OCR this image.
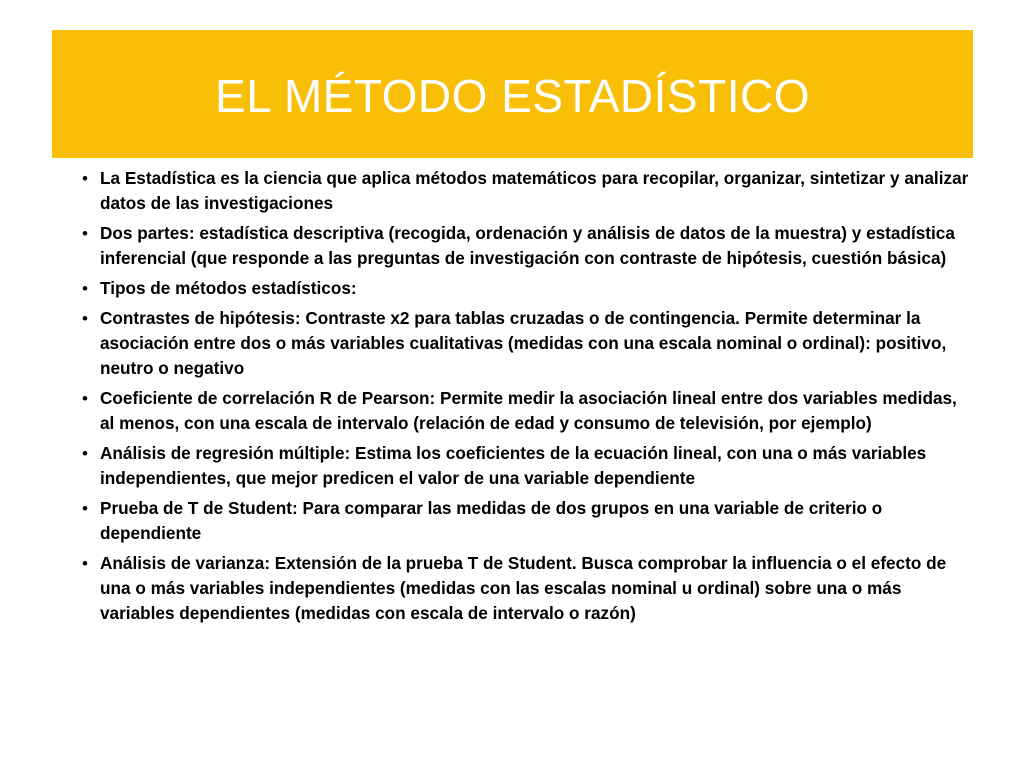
EL MÉTODO ESTADÍSTICO
• La Estadística es la ciencia que aplica métodos matemáticos para recopilar, organizar, sintetizar y analizar datos de las investigaciones
• Dos partes: estadística descriptiva (recogida, ordenación y análisis de datos de la muestra) y estadística inferencial (que responde a las preguntas de investigación con contraste de hipótesis, cuestión básica)
• Tipos de métodos estadísticos:
• Contrastes de hipótesis: Contraste x2 para tablas cruzadas o de contingencia. Permite determinar la asociación entre dos o más variables cualitativas (medidas con una escala nominal o ordinal): positivo, neutro o negativo
• Coeficiente de correlación R de Pearson: Permite medir la asociación lineal entre dos variables medidas, al menos, con una escala de intervalo (relación de edad y consumo de televisión, por ejemplo)
• Análisis de regresión múltiple: Estima los coeficientes de la ecuación lineal, con una o más variables independientes, que mejor predicen el valor de una variable dependiente
• Prueba de T de Student: Para comparar las medidas de dos grupos en una variable de criterio o dependiente
• Análisis de varianza: Extensión de la prueba T de Student. Busca comprobar la influencia o el efecto de una o más variables independientes (medidas con las escalas nominal u ordinal) sobre una o más variables dependientes (medidas con escala de intervalo o razón)
